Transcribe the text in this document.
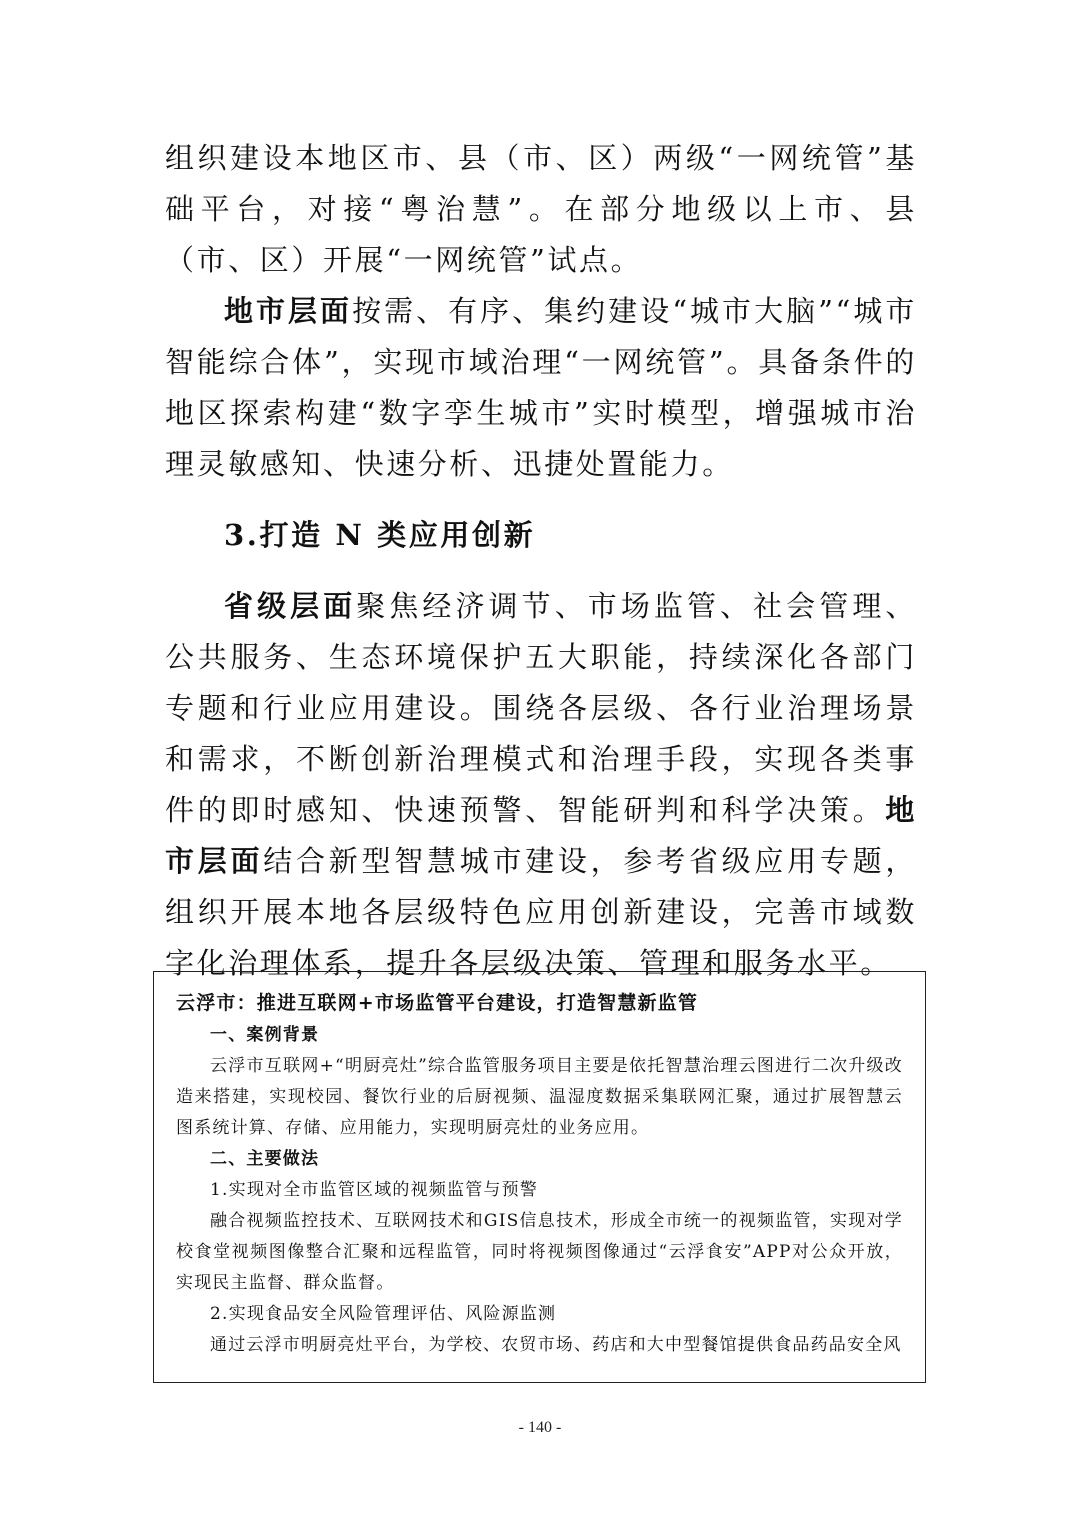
组织建设本地区市、县（市、区）两级“一网统管”基础平台，对接“粤治慧”。在部分地级以上市、县（市、区）开展“一网统管”试点。

地市层面按需、有序、集约建设“城市大脑”“城市智能综合体”，实现市域治理“一网统管”。具备条件的地区探索构建“数字孪生城市”实时模型，增强城市治理灵敏感知、快速分析、迅捷处置能力。

3.打造 N 类应用创新

省级层面聚焦经济调节、市场监管、社会管理、公共服务、生态环境保护五大职能，持续深化各部门专题和行业应用建设。围绕各层级、各行业治理场景和需求，不断创新治理模式和治理手段，实现各类事件的即时感知、快速预警、智能研判和科学决策。地市层面结合新型智慧城市建设，参考省级应用专题，组织开展本地各层级特色应用创新建设，完善市域数字化治理体系，提升各层级决策、管理和服务水平。

云浮市：推进互联网+市场监管平台建设，打造智慧新监管

一、案例背景

云浮市互联网+“明厨亮灶”综合监管服务项目主要是依托智慧治理云图进行二次升级改造来搭建，实现校园、餐饮行业的后厨视频、温湿度数据采集联网汇聚，通过扩展智慧云图系统计算、存储、应用能力，实现明厨亮灶的业务应用。

二、主要做法

1.实现对全市监管区域的视频监管与预警

融合视频监控技术、互联网技术和GIS信息技术，形成全市统一的视频监管，实现对学校食堂视频图像整合汇聚和远程监管，同时将视频图像通过“云浮食安”APP对公众开放，实现民主监督、群众监督。

2.实现食品安全风险管理评估、风险源监测

通过云浮市明厨亮灶平台，为学校、农贸市场、药店和大中型餐馆提供食品药品安全风

- 140 -
